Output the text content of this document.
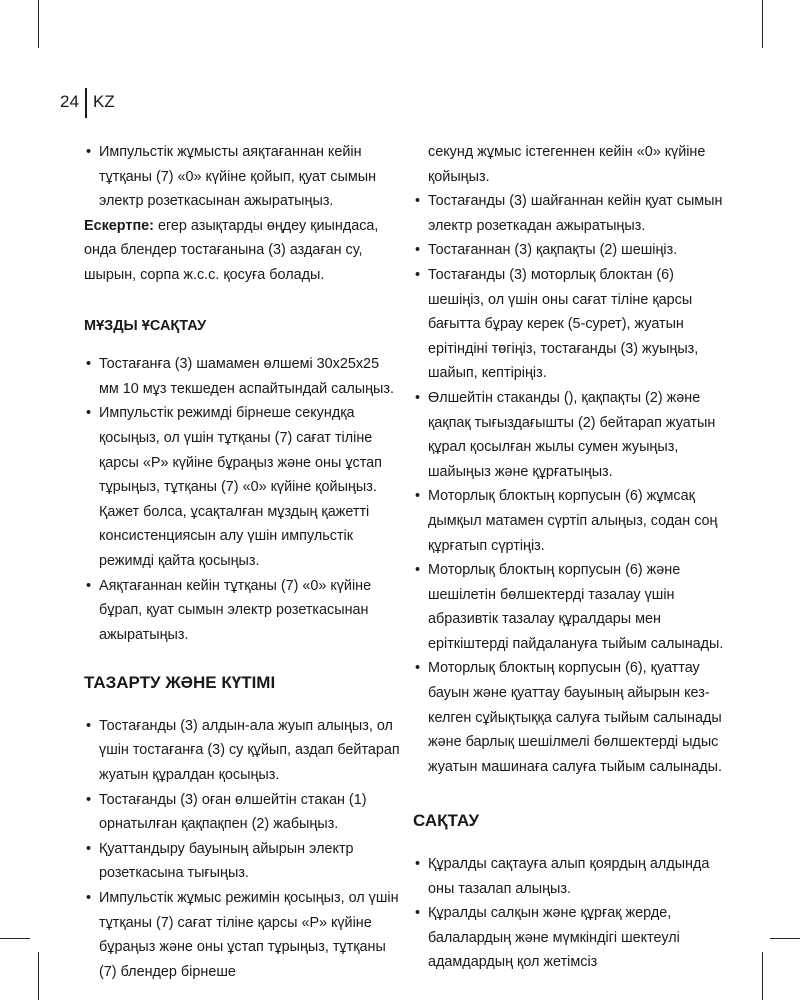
24 KZ
• Импульстік жұмысты аяқтағаннан кейін тұтқаны (7) «0» күйіне қойып, қуат сымын электр розеткасынан ажыратыңыз.

Ескертпе: егер азықтарды өңдеу қиындаса, онда блендер тостағанына (3) аздаған су, шырын, сорпа ж.с.с. қосуға болады.

МҰЗДЫ ҰСАҚТАУ
• Тостағанға (3) шамамен өлшемі 30х25х25 мм 10 мұз текшеден аспайтындай салыңыз.
• Импульстік режимді бірнеше секундқа қосыңыз, ол үшін тұтқаны (7) сағат тіліне қарсы «P» күйіне бұраңыз және оны ұстап тұрыңыз, тұтқаны (7) «0» күйіне қойыңыз. Қажет болса, ұсақталған мұздың қажетті консистенциясын алу үшін импульстік режимді қайта қосыңыз.
• Аяқтағаннан кейін тұтқаны (7) «0» күйіне бұрап, қуат сымын электр розеткасынан ажыратыңыз.
ТАЗАРТУ ЖӘНЕ КҮТІМІ
• Тостағанды (3) алдын-ала жуып алыңыз, ол үшін тостағанға (3) су құйып, аздап бейтарап жуатын құралдан қосыңыз.
• Тостағанды (3) оған өлшейтін стакан (1) орнатылған қақпақпен (2) жабыңыз.
• Қуаттандыру бауының айырын электр розеткасына тығыңыз.
• Импульстік жұмыс режимін қосыңыз, ол үшін тұтқаны (7) сағат тіліне қарсы «P» күйіне бұраңыз және оны ұстап тұрыңыз, тұтқаны (7) блендер бірнеше
секунд жұмыс істегеннен кейін «0» күйіне қойыңыз.
• Тостағанды (3) шайғаннан кейін қуат сымын электр розеткадан ажыратыңыз.
• Тостағаннан (3) қақпақты (2) шешіңіз.
• Тостағанды (3) моторлық блоктан (6) шешіңіз, ол үшін оны сағат тіліне қарсы бағытта бұрау керек (5-сурет), жуатын ерітіндіні төгіңіз, тостағанды (3) жуыңыз, шайып, кептіріңіз.
• Өлшейтін стаканды (), қақпақты (2) және қақпақ тығыздағышты (2) бейтарап жуатын құрал қосылған жылы сумен жуыңыз, шайыңыз және құрғатыңыз.
• Моторлық блоктың корпусын (6) жұмсақ дымқыл матамен сүртіп алыңыз, содан соң құрғатып сүртіңіз.
• Моторлық блоктың корпусын (6) және шешілетін бөлшектерді тазалау үшін абразивтік тазалау құралдары мен еріткіштерді пайдалануға тыйым салынады.
• Моторлық блоктың корпусын (6), қуаттау бауын және қуаттау бауының айырын кез-келген сұйықтыққа салуға тыйым салынады және барлық шешілмелі бөлшектерді ыдыс жуатын машинаға салуға тыйым салынады.
САҚТАУ
• Құралды сақтауға алып қоярдың алдында оны тазалап алыңыз.
• Құралды салқын және құрғақ жерде, балалардың және мүмкіндігі шектеулі адамдардың қол жетімсіз
